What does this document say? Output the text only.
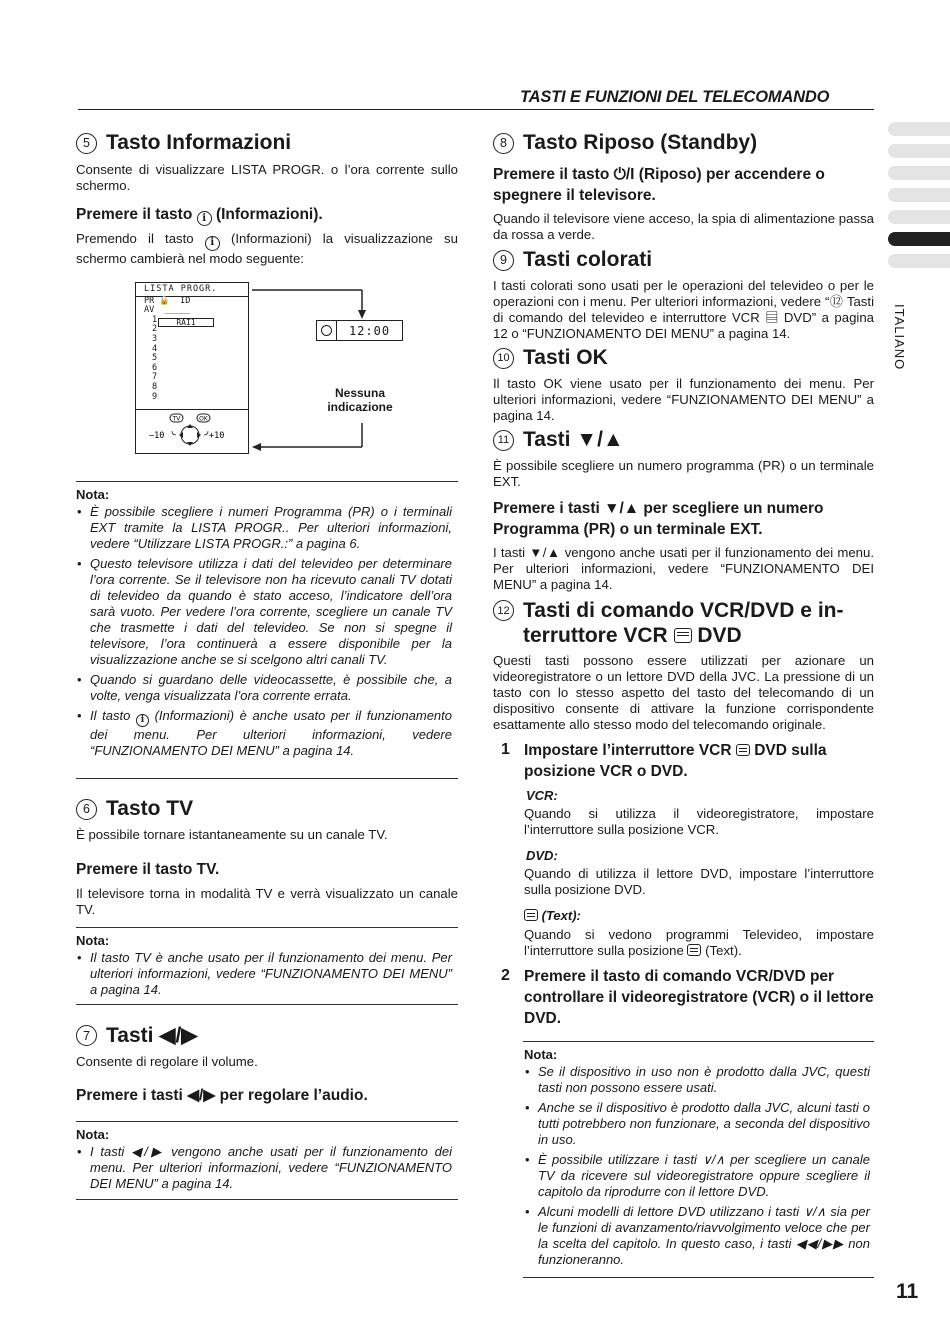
TASTI E FUNZIONI DEL TELECOMANDO
ITALIANO
5 Tasto Informazioni

Consente di visualizzare LISTA PROGR. o l’ora corrente sullo schermo.

Premere il tasto i (Informazioni).

Premendo il tasto i (Informazioni) la visualizzazione su schermo cambierà nel modo seguente:

Nota:
• È possibile scegliere i numeri Programma (PR) o i terminali EXT tramite la LISTA PROGR.. Per ulteriori informazioni, vedere “Utilizzare LISTA PROGR.:” a pagina 6.
• Questo televisore utilizza i dati del televideo per determinare l’ora corrente. Se il televisore non ha ricevuto canali TV dotati di televideo da quando è stato acceso, l’indicatore dell’ora sarà vuoto. Per vedere l’ora corrente, scegliere un canale TV che trasmette i dati del televideo. Se non si spegne il televisore, l’ora continuerà a essere disponibile per la visualizzazione anche se si scelgono altri canali TV.
• Quando si guardano delle videocassette, è possibile che, a volte, venga visualizzata l’ora corrente errata.
• Il tasto i (Informazioni) è anche usato per il funzionamento dei menu. Per ulteriori informazioni, vedere “FUNZIONAMENTO DEI MENU” a pagina 14.
6 Tasto TV

È possibile tornare istantaneamente su un canale TV.

Premere il tasto TV.

Il televisore torna in modalità TV e verrà visualizzato un canale TV.

Nota:
• Il tasto TV è anche usato per il funzionamento dei menu. Per ulteriori informazioni, vedere “FUNZIONAMENTO DEI MENU” a pagina 14.
7 Tasti ◀/▶

Consente di regolare il volume.

Premere i tasti ◀/▶ per regolare l’audio.

Nota:
• I tasti ◀/▶ vengono anche usati per il funzionamento dei menu. Per ulteriori informazioni, vedere “FUNZIONAMENTO DEI MENU” a pagina 14.
LISTA PROGR.
PR 🔒  ID
AV  _____
1
2
3
4
5
6
7
8
9
RAI1
TV	OK
–10	+10
12:00
Nessuna indicazione
8 Tasto Riposo (Standby)

Premere il tasto ⏻/I (Riposo) per accendere o spegnere il televisore.

Quando il televisore viene acceso, la spia di alimentazione passa da rossa a verde.

9 Tasti colorati

I tasti colorati sono usati per le operazioni del televideo o per le operazioni con i menu. Per ulteriori informazioni, vedere “⑫ Tasti di comando del televideo e interruttore VCR ▤ DVD” a pagina 12 o “FUNZIONAMENTO DEI MENU” a pagina 14.

10 Tasti OK

Il tasto OK viene usato per il funzionamento dei menu. Per ulteriori informazioni, vedere “FUNZIONAMENTO DEI MENU” a pagina 14.

11 Tasti ▼/▲

È possibile scegliere un numero programma (PR) o un terminale EXT.

Premere i tasti ▼/▲ per scegliere un numero Programma (PR) o un terminale EXT.

I tasti ▼/▲ vengono anche usati per il funzionamento dei menu. Per ulteriori informazioni, vedere “FUNZIONAMENTO DEI MENU” a pagina 14.

12 Tasti di comando VCR/DVD e in-
terruttore VCR DVD

Questi tasti possono essere utilizzati per azionare un videoregistratore o un lettore DVD della JVC. La pressione di un tasto con lo stesso aspetto del tasto del telecomando di un dispositivo consente di attivare la funzione corrispondente esattamente allo stesso modo del telecomando originale.

1 Impostare l’interruttore VCR DVD sulla posizione VCR o DVD.

VCR:

Quando si utilizza il videoregistratore, impostare l’interruttore sulla posizione VCR.

DVD:

Quando di utilizza il lettore DVD, impostare l’interruttore sulla posizione DVD.

(Text):

Quando si vedono programmi Televideo, impostare l’interruttore sulla posizione (Text).

2 Premere il tasto di comando VCR/DVD per controllare il videoregistratore (VCR) o il lettore DVD.

Nota:
• Se il dispositivo in uso non è prodotto dalla JVC, questi tasti non possono essere usati.
• Anche se il dispositivo è prodotto dalla JVC, alcuni tasti o tutti potrebbero non funzionare, a seconda del dispositivo in uso.
• È possibile utilizzare i tasti ∨/∧ per scegliere un canale TV da ricevere sul videoregistratore oppure scegliere il capitolo da riprodurre con il lettore DVD.
• Alcuni modelli di lettore DVD utilizzano i tasti ∨/∧ sia per le funzioni di avanzamento/riavvolgimento veloce che per la scelta del capitolo. In questo caso, i tasti ◀◀/▶▶ non funzioneranno.
11
